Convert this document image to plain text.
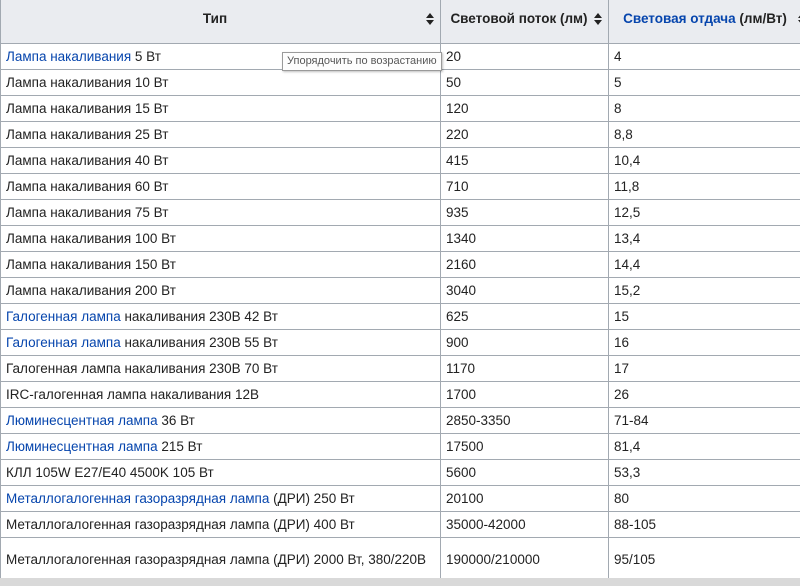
Тип	Световой поток (лм)	Световая отдача (лм/Вт)

Лампа накаливания 5 Вт	20	4
Лампа накаливания 10 Вт	50	5
Лампа накаливания 15 Вт	120	8
Лампа накаливания 25 Вт	220	8,8
Лампа накаливания 40 Вт	415	10,4
Лампа накаливания 60 Вт	710	11,8
Лампа накаливания 75 Вт	935	12,5
Лампа накаливания 100 Вт	1340	13,4
Лампа накаливания 150 Вт	2160	14,4
Лампа накаливания 200 Вт	3040	15,2
Галогенная лампа накаливания 230В 42 Вт	625	15
Галогенная лампа накаливания 230В 55 Вт	900	16
Галогенная лампа накаливания 230В 70 Вт	1170	17
IRC-галогенная лампа накаливания 12В	1700	26
Люминесцентная лампа 36 Вт	2850-3350	71-84
Люминесцентная лампа 215 Вт	17500	81,4
КЛЛ 105W E27/E40 4500K 105 Вт	5600	53,3
Металлогалогенная газоразрядная лампа (ДРИ) 250 Вт	20100	80
Металлогалогенная газоразрядная лампа (ДРИ) 400 Вт	35000-42000	88-105
Металлогалогенная газоразрядная лампа (ДРИ) 2000 Вт, 380/220В	190000/210000	95/105
Упорядочить по возрастанию
